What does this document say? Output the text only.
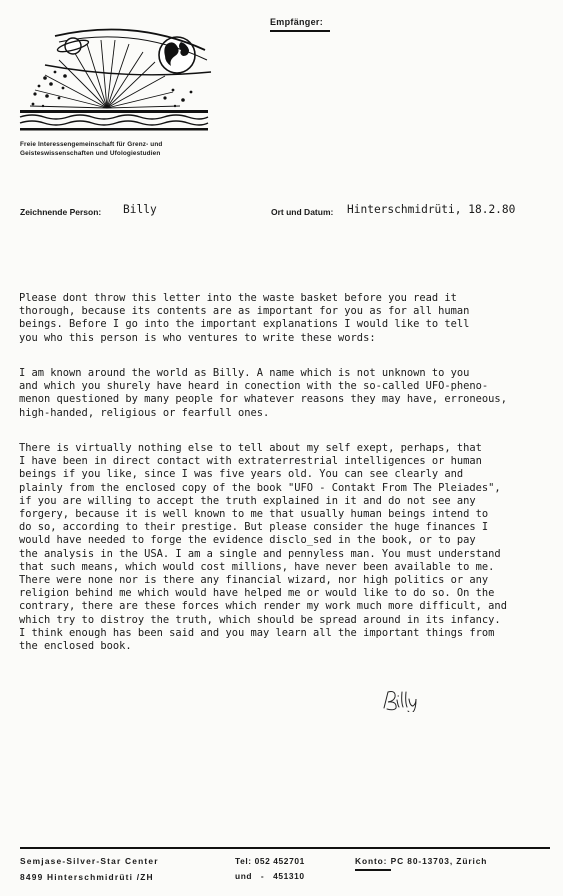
Empfänger:
Freie Interessengemeinschaft für Grenz- und Geisteswissenschaften und Ufologiestudien
Zeichnende Person: Billy	Ort und Datum: Hinterschmidrüti, 18.2.80

Please dont throw this letter into the waste basket before you read it
thorough, because its contents are as important for you as for all human
beings. Before I go into the important explanations I would like to tell
you who this person is who ventures to write these words:

I am known around the world as Billy. A name which is not unknown to you
and which you shurely have heard in conection with the so-called UFO-pheno-
menon questioned by many people for whatever reasons they may have, erroneous,
high-handed, religious or fearfull ones.

There is virtually nothing else to tell about my self exept, perhaps, that
I have been in direct contact with extraterrestrial intelligences or human
beings if you like, since I was five years old. You can see clearly and
plainly from the enclosed copy of the book "UFO - Contakt From The Pleiades",
if you are willing to accept the truth explained in it and do not see any
forgery, because it is well known to me that usually human beings intend to
do so, according to their prestige. But please consider the huge finances I
would have needed to forge the evidence disclo_sed in the book, or to pay
the analysis in the USA. I am a single and pennyless man. You must understand
that such means, which would cost millions, have never been available to me.
There were none nor is there any financial wizard, nor high politics or any
religion behind me which would have helped me or would like to do so. On the
contrary, there are these forces which render my work much more difficult, and
which try to distroy the truth, which should be spread around in its infancy.
I think enough has been said and you may learn all the important things from
the enclosed book.

Semjase-Silver-Star Center
8499 Hinterschmidrüti /ZH
Tel: 052 452701
und   -   451310
Konto: PC 80-13703, Zürich
